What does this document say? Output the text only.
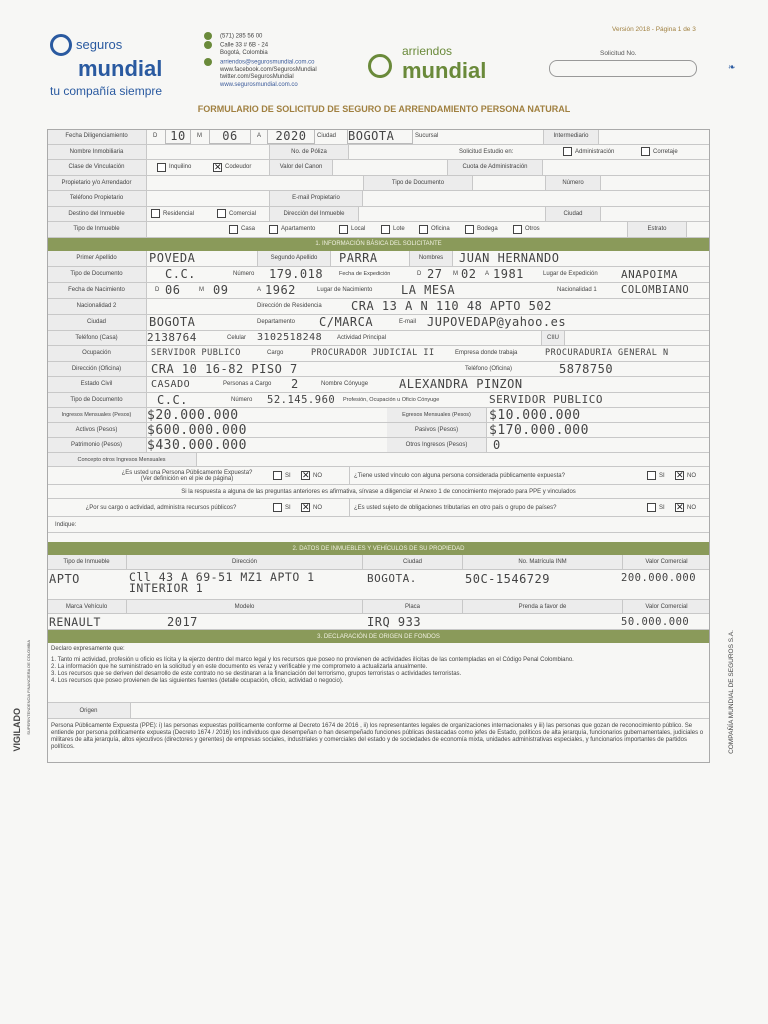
seguros
mundial
tu compañía siempre
(571) 285 56 00
Calle 33 # 6B - 24
Bogotá, Colombia
arriendos@segurosmundial.com.co
www.facebook.com/SegurosMundial
twitter.com/SegurosMundial
www.segurosmundial.com.co
arriendos
mundial
Versión 2018 - Página 1 de 3
Solicitud No.
❧
FORMULARIO DE SOLICITUD DE SEGURO DE ARRENDAMIENTO PERSONA NATURAL
Fecha Diligenciamiento	D	10	M	06	A	2020	Ciudad BOGOTA	Sucursal	Intermediario
Nombre Inmobiliaria	No. de Póliza	Solicitud Estudio en:	Administración	Corretaje
Clase de Vinculación	Inquilino ✕	Codeudor	Valor del Canon	Cuota de Administración
Propietario y/o Arrendador	Tipo de Documento	Número
Teléfono Propietario	E-mail Propietario
Destino del Inmueble	Residencial	Comercial	Dirección del Inmueble	Ciudad
Tipo de Inmueble	Casa	Apartamento	Local	Lote	Oficina	Bodega	Otros	Estrato
1. INFORMACIÓN BÁSICA DEL SOLICITANTE
Primer Apellido	POVEDA	Segundo Apellido	PARRA	Nombres	JUAN HERNANDO
Tipo de Documento	C.C.	Número	179.018	Fecha de Expedición	D 27	M 02	A 1981	Lugar de Expedición	ANAPOIMA
Fecha de Nacimiento	D 06	M 09	A 1962	Lugar de Nacimiento	LA MESA	Nacionalidad 1	COLOMBIANO
Nacionalidad 2	Dirección de Residencia	CRA 13 A N 110 48 APTO 502
Ciudad	BOGOTA	Departamento	C/MARCA	E-mail JUPOVEDAP@yahoo.es
Teléfono (Casa)	2138764	Celular	3102518248	Actividad Principal	CIIU
Ocupación	SERVIDOR PUBLICO	Cargo	PROCURADOR JUDICIAL II	Empresa donde trabaja	PROCURADURIA GENERAL N
Dirección (Oficina)	CRA 10 16-82 PISO 7	Teléfono (Oficina)	5878750
Estado Civil	CASADO	Personas a Cargo	2	Nombre Cónyuge	ALEXANDRA PINZON
Tipo de Documento	C.C.	Número	52.145.960	Profesión, Ocupación u Oficio Cónyuge	SERVIDOR PUBLICO
Ingresos Mensuales (Pesos)	$20.000.000	Egresos Mensuales (Pesos)	$10.000.000
Activos (Pesos)	$600.000.000	Pasivos (Pesos)	$170.000.000
Patrimonio (Pesos)	$430.000.000	Otros Ingresos (Pesos)	0
Concepto otros Ingresos Mensuales
¿Es usted una Persona Públicamente Expuesta?
(Ver definición en el pie de página)	SI ✕	NO	¿Tiene usted vínculo con alguna persona considerada públicamente expuesta?	SI ✕	NO
Si la respuesta a alguna de las preguntas anteriores es afirmativa, sírvase a diligenciar el Anexo 1 de conocimiento mejorado para PPE y vinculados
¿Por su cargo o actividad, administra recursos públicos?	SI ✕	NO	¿Es usted sujeto de obligaciones tributarias en otro país o grupo de países?	SI ✕	NO
Indique:
2. DATOS DE INMUEBLES Y VEHÍCULOS DE SU PROPIEDAD
Tipo de Inmueble	Dirección	Ciudad	No. Matrícula INM	Valor Comercial
APTO	Cll 43 A 69-51 MZ1 APTO 1
INTERIOR 1
BOGOTA.	50C-1546729	200.000.000
Marca Vehículo	Modelo	Placa	Prenda a favor de	Valor Comercial
RENAULT	2017	IRQ 933	50.000.000
3. DECLARACIÓN DE ORIGEN DE FONDOS
Declaro expresamente que:
1. Tanto mi actividad, profesión u oficio es lícita y la ejerzo dentro del marco legal y los recursos que poseo no provienen de actividades ilícitas de las contempladas en el Código Penal Colombiano.
2. La información que he suministrado en la solicitud y en este documento es veraz y verificable y me comprometo a actualizarla anualmente.
3. Los recursos que se deriven del desarrollo de este contrato no se destinaran a la financiación del terrorismo, grupos terroristas o actividades terroristas.
4. Los recursos que poseo provienen de las siguientes fuentes (detalle ocupación, oficio, actividad o negocio).
Origen
Persona Públicamente Expuesta (PPE): i) las personas expuestas políticamente conforme al Decreto 1674 de 2016 , ii) los representantes legales de organizaciones internacionales y iii) las personas que gozan de reconocimiento público. Se entiende por persona políticamente expuesta (Decreto 1674 / 2016) los individuos que desempeñan o han desempeñado funciones públicas destacadas como jefes de Estado, políticos de alta jerarquía, funcionarios gubernamentales, judiciales o militares de alta jerarquía, altos ejecutivos (directores y gerentes) de empresas sociales, industriales y comerciales del estado y de sociedades de economía mixta, unidades administrativas especiales, y funcionarios importantes de partidos políticos.
VIGILADO SUPERINTENDENCIA FINANCIERA DE COLOMBIA	COMPAÑÍA MUNDIAL DE SEGUROS S.A.
